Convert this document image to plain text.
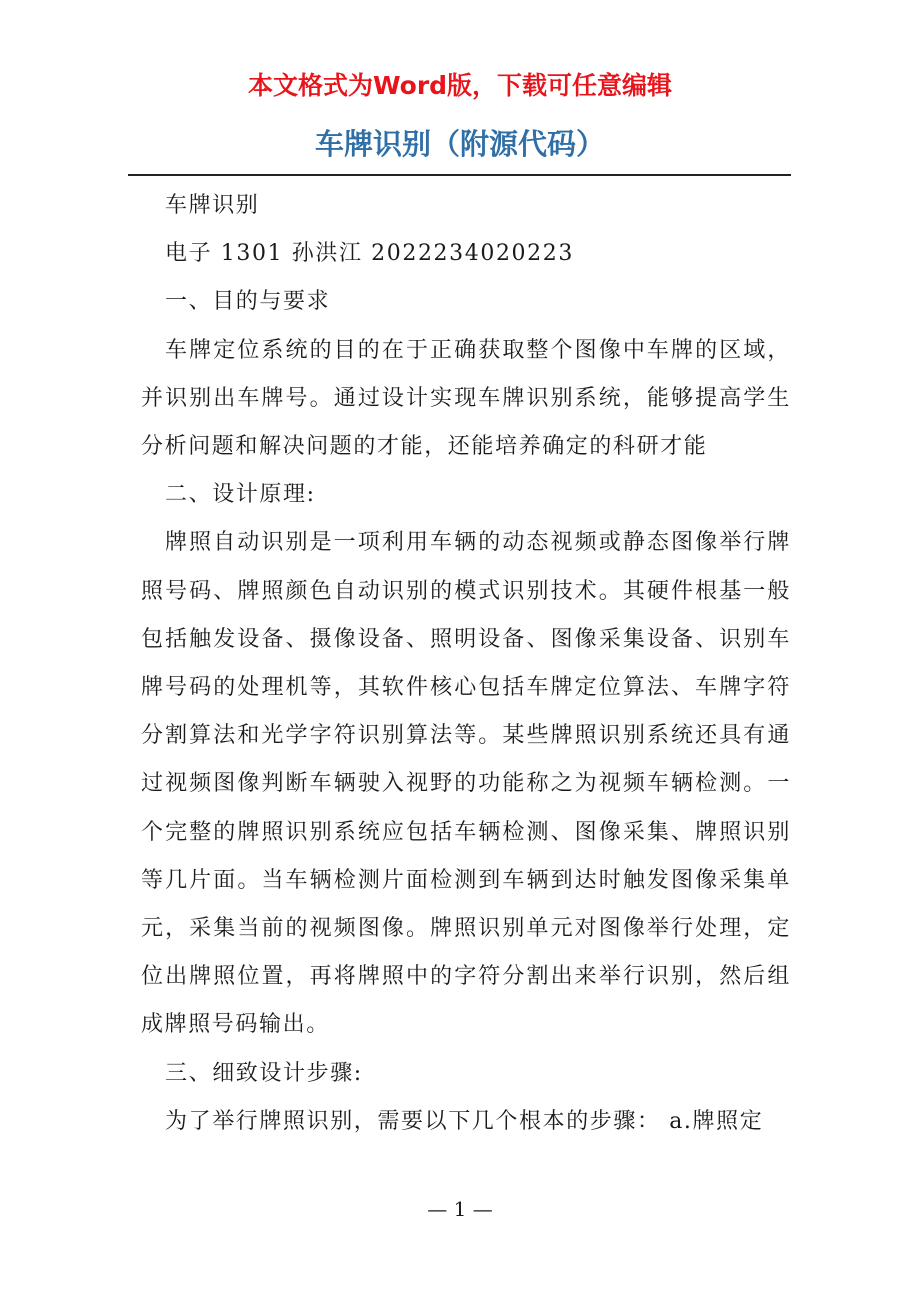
本文格式为Word版，下载可任意编辑
车牌识别（附源代码）

车牌识别

电子 1301 孙洪江 2022234020223

一、目的与要求

车牌定位系统的目的在于正确获取整个图像中车牌的区域，并识别出车牌号。通过设计实现车牌识别系统，能够提高学生分析问题和解决问题的才能，还能培养确定的科研才能

二、设计原理:

牌照自动识别是一项利用车辆的动态视频或静态图像举行牌照号码、牌照颜色自动识别的模式识别技术。其硬件根基一般包括触发设备、摄像设备、照明设备、图像采集设备、识别车牌号码的处理机等，其软件核心包括车牌定位算法、车牌字符分割算法和光学字符识别算法等。某些牌照识别系统还具有通过视频图像判断车辆驶入视野的功能称之为视频车辆检测。一个完整的牌照识别系统应包括车辆检测、图像采集、牌照识别等几片面。当车辆检测片面检测到车辆到达时触发图像采集单元，采集当前的视频图像。牌照识别单元对图像举行处理，定位出牌照位置，再将牌照中的字符分割出来举行识别，然后组成牌照号码输出。

三、细致设计步骤:

为了举行牌照识别，需要以下几个根本的步骤： a.牌照定

— 1 —
